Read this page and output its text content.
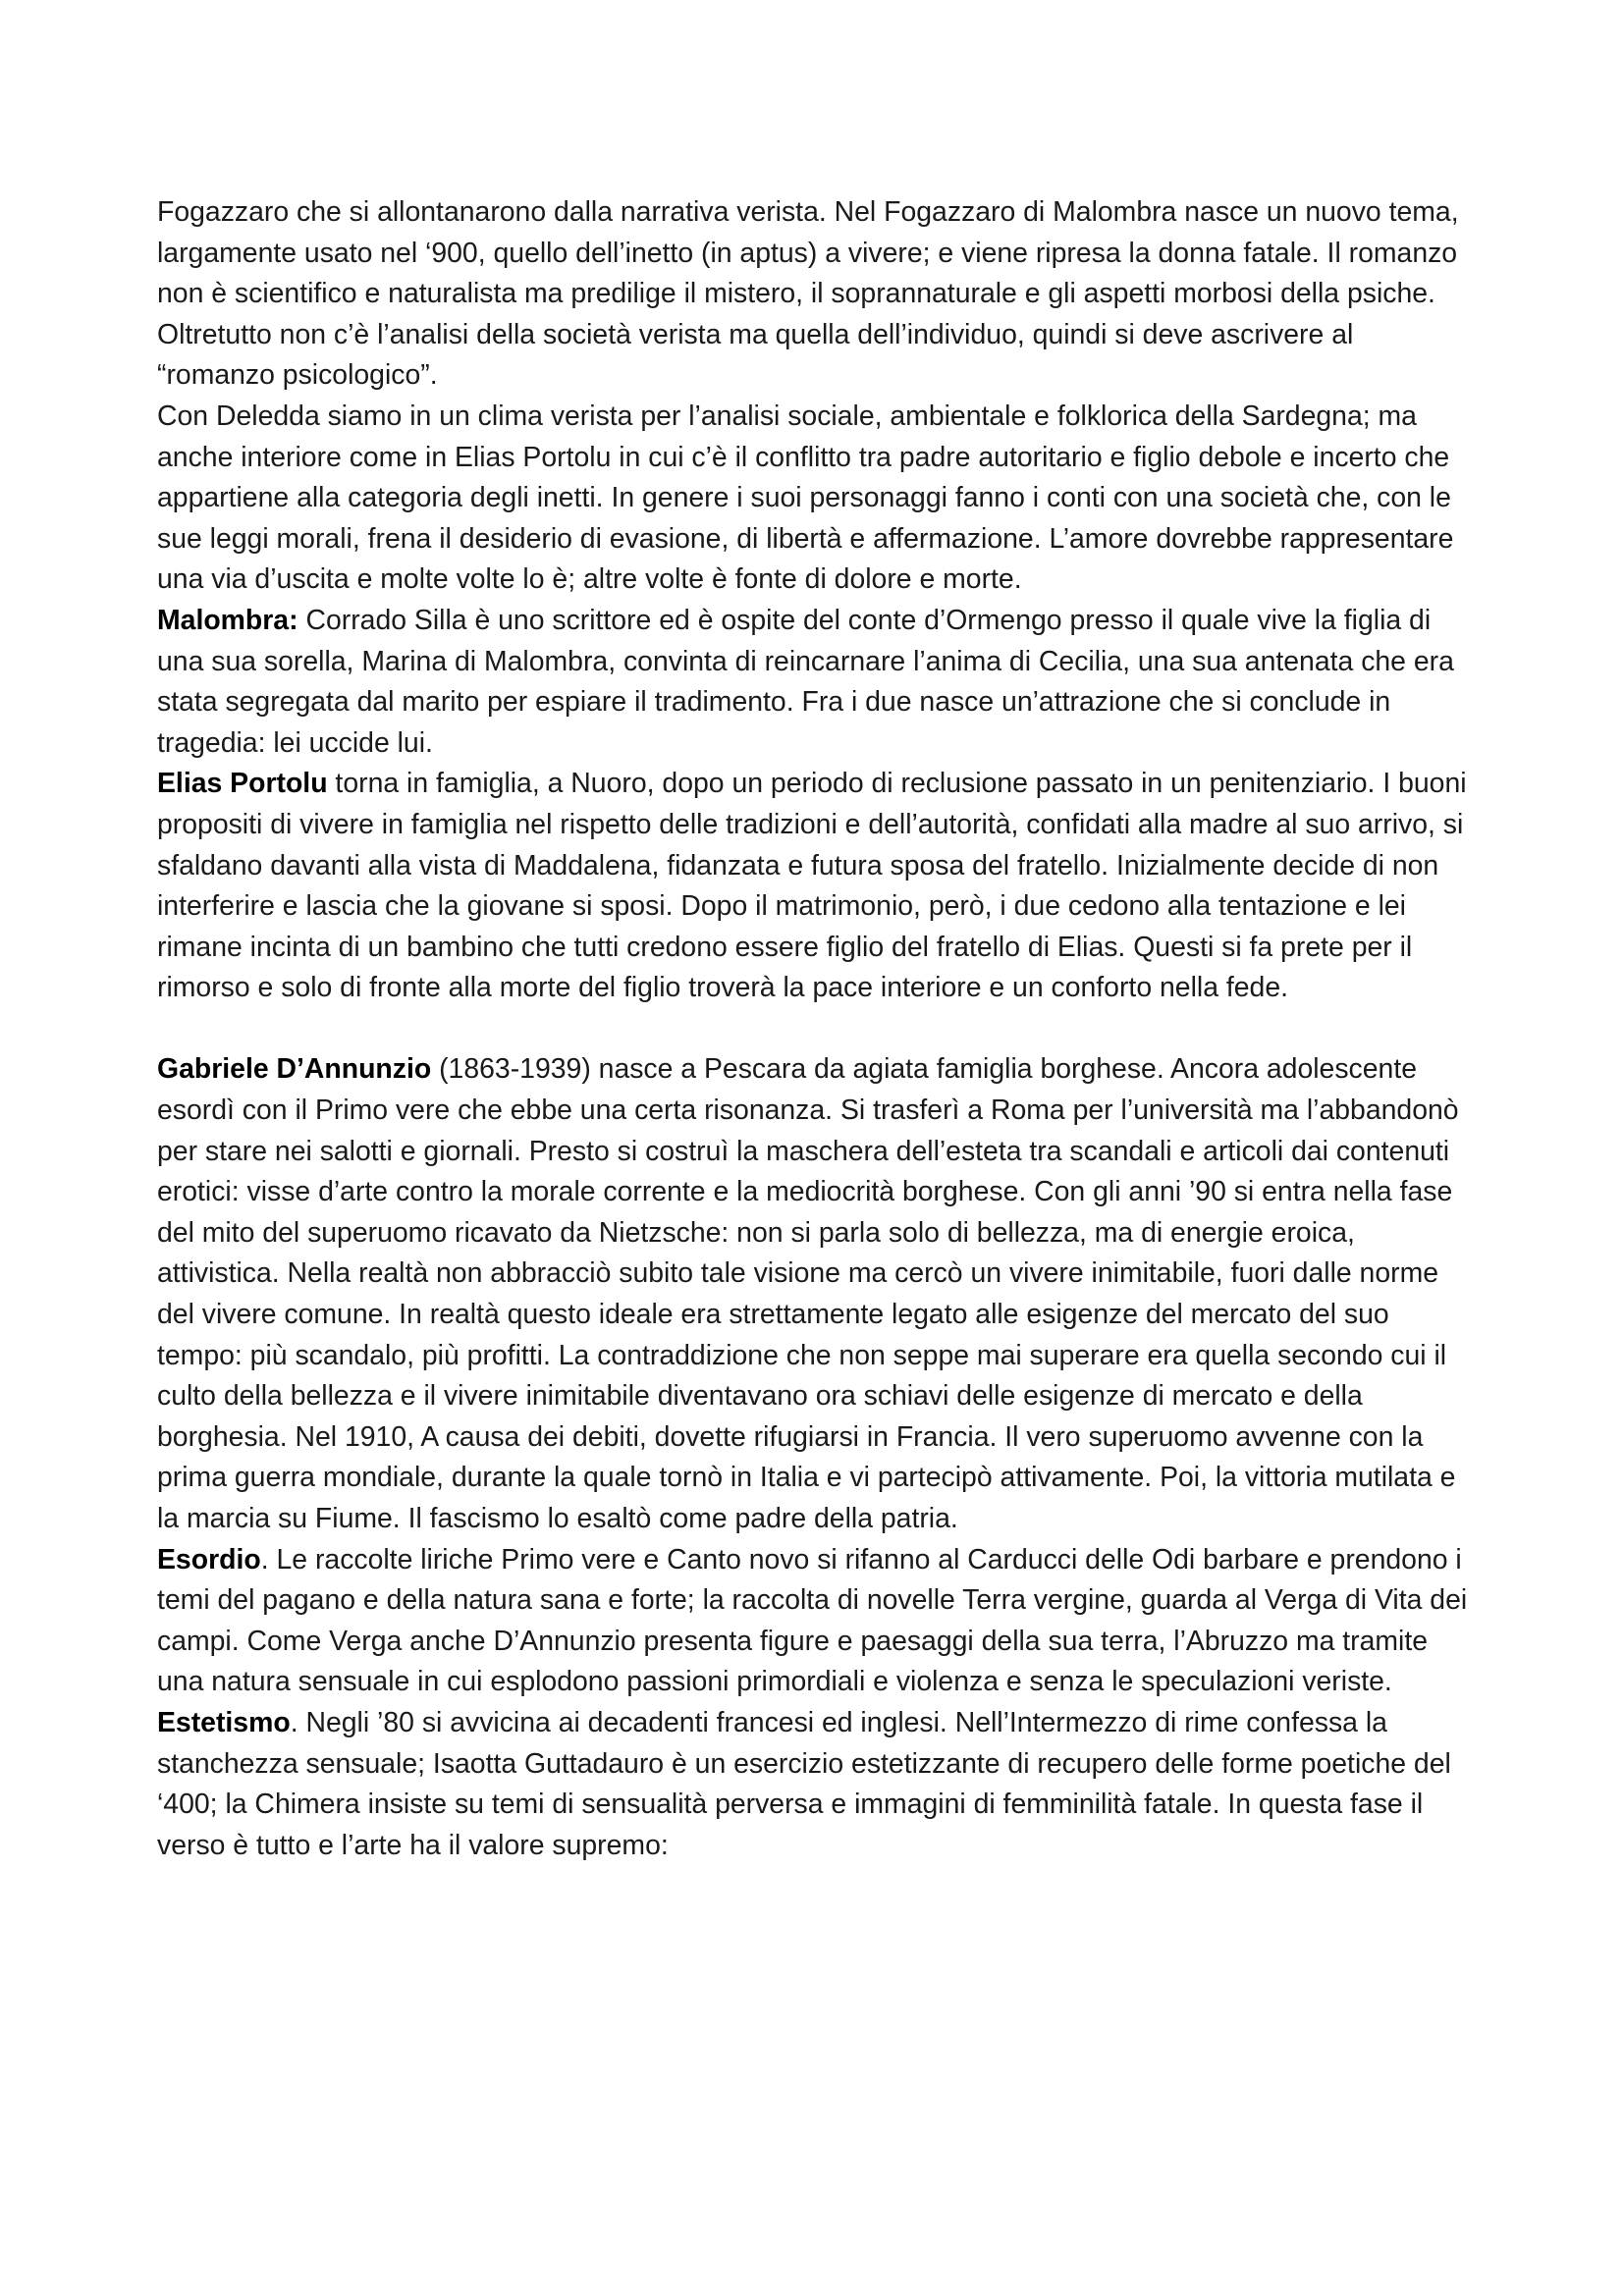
Fogazzaro che si allontanarono dalla narrativa verista. Nel Fogazzaro di Malombra nasce un nuovo tema, largamente usato nel ‘900, quello dell’inetto (in aptus) a vivere; e viene ripresa la donna fatale. Il romanzo non è scientifico e naturalista ma predilige il mistero, il soprannaturale e gli aspetti morbosi della psiche. Oltretutto non c’è l’analisi della società verista ma quella dell’individuo, quindi si deve ascrivere al “romanzo psicologico”.

Con Deledda siamo in un clima verista per l’analisi sociale, ambientale e folklorica della Sardegna; ma anche interiore come in Elias Portolu in cui c’è il conflitto tra padre autoritario e figlio debole e incerto che appartiene alla categoria degli inetti. In genere i suoi personaggi fanno i conti con una società che, con le sue leggi morali, frena il desiderio di evasione, di libertà e affermazione. L’amore dovrebbe rappresentare una via d’uscita e molte volte lo è; altre volte è fonte di dolore e morte.

Malombra: Corrado Silla è uno scrittore ed è ospite del conte d’Ormengo presso il quale vive la figlia di una sua sorella, Marina di Malombra, convinta di reincarnare l’anima di Cecilia, una sua antenata che era stata segregata dal marito per espiare il tradimento. Fra i due nasce un’attrazione che si conclude in tragedia: lei uccide lui.

Elias Portolu torna in famiglia, a Nuoro, dopo un periodo di reclusione passato in un penitenziario. I buoni propositi di vivere in famiglia nel rispetto delle tradizioni e dell’autorità, confidati alla madre al suo arrivo, si sfaldano davanti alla vista di Maddalena, fidanzata e futura sposa del fratello. Inizialmente decide di non interferire e lascia che la giovane si sposi. Dopo il matrimonio, però, i due cedono alla tentazione e lei rimane incinta di un bambino che tutti credono essere figlio del fratello di Elias. Questi si fa prete per il rimorso e solo di fronte alla morte del figlio troverà la pace interiore e un conforto nella fede.

Gabriele D’Annunzio (1863-1939) nasce a Pescara da agiata famiglia borghese. Ancora adolescente esordì con il Primo vere che ebbe una certa risonanza. Si trasferì a Roma per l’università ma l’abbandonò per stare nei salotti e giornali. Presto si costruì la maschera dell’esteta tra scandali e articoli dai contenuti erotici: visse d’arte contro la morale corrente e la mediocrità borghese. Con gli anni ’90 si entra nella fase del mito del superuomo ricavato da Nietzsche: non si parla solo di bellezza, ma di energie eroica, attivistica. Nella realtà non abbracciò subito tale visione ma cercò un vivere inimitabile, fuori dalle norme del vivere comune. In realtà questo ideale era strettamente legato alle esigenze del mercato del suo tempo: più scandalo, più profitti. La contraddizione che non seppe mai superare era quella secondo cui il culto della bellezza e il vivere inimitabile diventavano ora schiavi delle esigenze di mercato e della borghesia. Nel 1910, A causa dei debiti, dovette rifugiarsi in Francia. Il vero superuomo avvenne con la prima guerra mondiale, durante la quale tornò in Italia e vi partecipò attivamente. Poi, la vittoria mutilata e la marcia su Fiume. Il fascismo lo esaltò come padre della patria.

Esordio. Le raccolte liriche Primo vere e Canto novo si rifanno al Carducci delle Odi barbare e prendono i temi del pagano e della natura sana e forte; la raccolta di novelle Terra vergine, guarda al Verga di Vita dei campi. Come Verga anche D’Annunzio presenta figure e paesaggi della sua terra, l’Abruzzo ma tramite una natura sensuale in cui esplodono passioni primordiali e violenza e senza le speculazioni veriste.

Estetismo. Negli ’80 si avvicina ai decadenti francesi ed inglesi. Nell’Intermezzo di rime confessa la stanchezza sensuale; Isaotta Guttadauro è un esercizio estetizzante di recupero delle forme poetiche del ‘400; la Chimera insiste su temi di sensualità perversa e immagini di femminilità fatale. In questa fase il verso è tutto e l’arte ha il valore supremo:
